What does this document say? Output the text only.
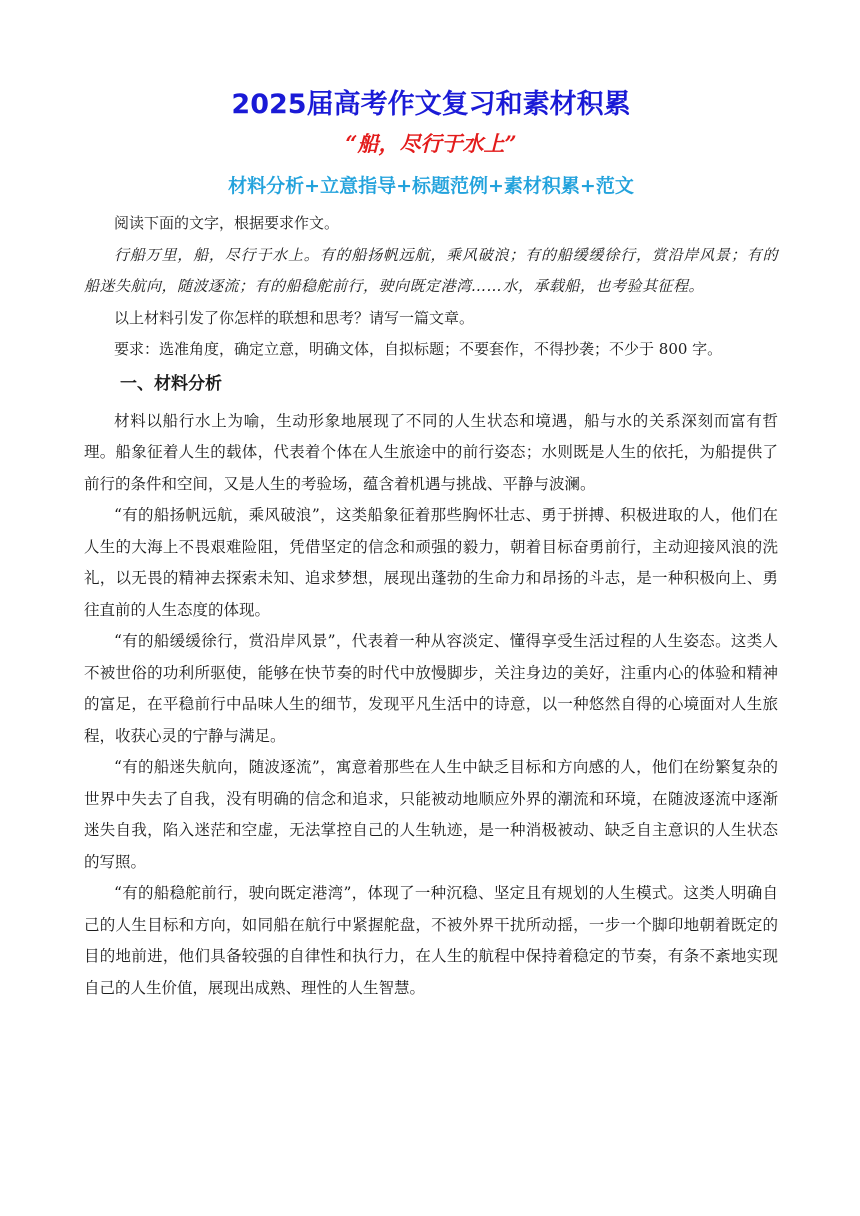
2025届高考作文复习和素材积累
“船，尽行于水上”
材料分析+立意指导+标题范例+素材积累+范文

阅读下面的文字，根据要求作文。

行船万里，船，尽行于水上。有的船扬帆远航，乘风破浪；有的船缓缓徐行，赏沿岸风景；有的船迷失航向，随波逐流；有的船稳舵前行，驶向既定港湾……水，承载船，也考验其征程。

以上材料引发了你怎样的联想和思考？请写一篇文章。

要求：选准角度，确定立意，明确文体，自拟标题；不要套作，不得抄袭；不少于 800 字。

一、材料分析

材料以船行水上为喻，生动形象地展现了不同的人生状态和境遇，船与水的关系深刻而富有哲理。船象征着人生的载体，代表着个体在人生旅途中的前行姿态；水则既是人生的依托，为船提供了前行的条件和空间，又是人生的考验场，蕴含着机遇与挑战、平静与波澜。

“有的船扬帆远航，乘风破浪”，这类船象征着那些胸怀壮志、勇于拼搏、积极进取的人，他们在人生的大海上不畏艰难险阻，凭借坚定的信念和顽强的毅力，朝着目标奋勇前行，主动迎接风浪的洗礼，以无畏的精神去探索未知、追求梦想，展现出蓬勃的生命力和昂扬的斗志，是一种积极向上、勇往直前的人生态度的体现。

“有的船缓缓徐行，赏沿岸风景”，代表着一种从容淡定、懂得享受生活过程的人生姿态。这类人不被世俗的功利所驱使，能够在快节奏的时代中放慢脚步，关注身边的美好，注重内心的体验和精神的富足，在平稳前行中品味人生的细节，发现平凡生活中的诗意，以一种悠然自得的心境面对人生旅程，收获心灵的宁静与满足。

“有的船迷失航向，随波逐流”，寓意着那些在人生中缺乏目标和方向感的人，他们在纷繁复杂的世界中失去了自我，没有明确的信念和追求，只能被动地顺应外界的潮流和环境，在随波逐流中逐渐迷失自我，陷入迷茫和空虚，无法掌控自己的人生轨迹，是一种消极被动、缺乏自主意识的人生状态的写照。

“有的船稳舵前行，驶向既定港湾”，体现了一种沉稳、坚定且有规划的人生模式。这类人明确自己的人生目标和方向，如同船在航行中紧握舵盘，不被外界干扰所动摇，一步一个脚印地朝着既定的目的地前进，他们具备较强的自律性和执行力，在人生的航程中保持着稳定的节奏，有条不紊地实现自己的人生价值，展现出成熟、理性的人生智慧。
